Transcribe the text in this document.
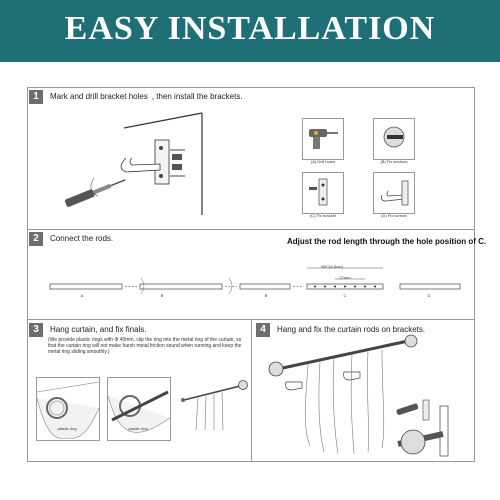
EASY INSTALLATION
1	Mark and drill bracket holes , then install the brackets.
(A) Drill holes	(B) Fix anchors
(C) Fix bracket	(D) Fix screws
2	Connect the rods.	Adjust the rod length through the hole position of C.
W/C(4-8cm)
27mm
A	B	B	C	D
3	Hang curtain, and fix finals.
(We provide plastic rings with Φ 40mm, clip the ring into the metal ring of the curtain, so that the curtain ring will not make harsh metal friction sound when running and keep the metal ring sliding smoothly.)
plastic ring	plastic ring
4	Hang and fix the curtain rods on brackets.
